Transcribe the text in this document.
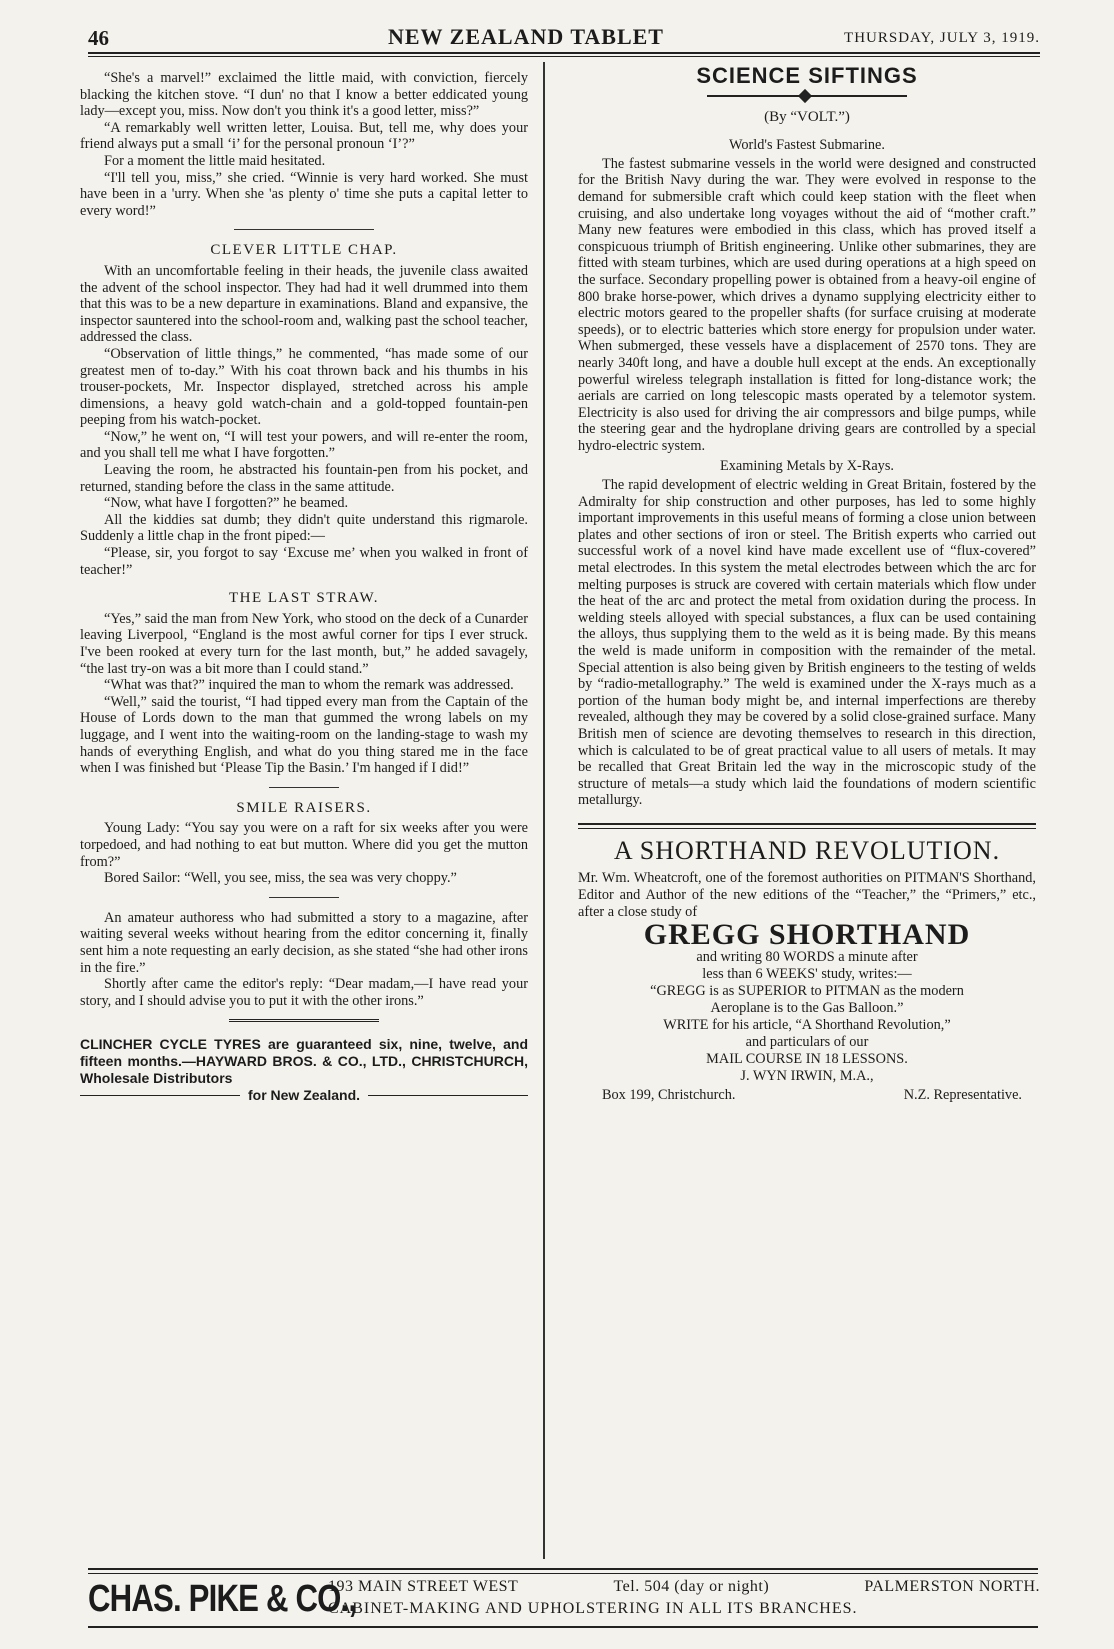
46	NEW ZEALAND TABLET	THURSDAY, JULY 3, 1919.

“She's a marvel!” exclaimed the little maid, with conviction, fiercely blacking the kitchen stove. “I dun' no that I know a better eddicated young lady—except you, miss. Now don't you think it's a good letter, miss?”

“A remarkably well written letter, Louisa. But, tell me, why does your friend always put a small ‘i’ for the personal pronoun ‘I’?”

For a moment the little maid hesitated.

“I'll tell you, miss,” she cried. “Winnie is very hard worked. She must have been in a 'urry. When she 'as plenty o' time she puts a capital letter to every word!”

CLEVER LITTLE CHAP.

With an uncomfortable feeling in their heads, the juvenile class awaited the advent of the school inspector. They had had it well drummed into them that this was to be a new departure in examinations. Bland and expansive, the inspector sauntered into the school-room and, walking past the school teacher, addressed the class.

“Observation of little things,” he commented, “has made some of our greatest men of to-day.” With his coat thrown back and his thumbs in his trouser-pockets, Mr. Inspector displayed, stretched across his ample dimensions, a heavy gold watch-chain and a gold-topped fountain-pen peeping from his watch-pocket.

“Now,” he went on, “I will test your powers, and will re-enter the room, and you shall tell me what I have forgotten.”

Leaving the room, he abstracted his fountain-pen from his pocket, and returned, standing before the class in the same attitude.

“Now, what have I forgotten?” he beamed.

All the kiddies sat dumb; they didn't quite understand this rigmarole. Suddenly a little chap in the front piped:—

“Please, sir, you forgot to say ‘Excuse me’ when you walked in front of teacher!”

THE LAST STRAW.

“Yes,” said the man from New York, who stood on the deck of a Cunarder leaving Liverpool, “England is the most awful corner for tips I ever struck. I've been rooked at every turn for the last month, but,” he added savagely, “the last try-on was a bit more than I could stand.”

“What was that?” inquired the man to whom the remark was addressed.

“Well,” said the tourist, “I had tipped every man from the Captain of the House of Lords down to the man that gummed the wrong labels on my luggage, and I went into the waiting-room on the landing-stage to wash my hands of everything English, and what do you thing stared me in the face when I was finished but ‘Please Tip the Basin.’ I'm hanged if I did!”

SMILE RAISERS.

Young Lady: “You say you were on a raft for six weeks after you were torpedoed, and had nothing to eat but mutton. Where did you get the mutton from?”

Bored Sailor: “Well, you see, miss, the sea was very choppy.”

An amateur authoress who had submitted a story to a magazine, after waiting several weeks without hearing from the editor concerning it, finally sent him a note requesting an early decision, as she stated “she had other irons in the fire.”

Shortly after came the editor's reply: “Dear madam,—I have read your story, and I should advise you to put it with the other irons.”

CLINCHER CYCLE TYRES are guaranteed six, nine, twelve, and fifteen months.—HAYWARD BROS. & CO., LTD., CHRISTCHURCH, Wholesale Distributors
for New Zealand.
SCIENCE SIFTINGS
(By “VOLT.”)
World's Fastest Submarine.

The fastest submarine vessels in the world were designed and constructed for the British Navy during the war. They were evolved in response to the demand for submersible craft which could keep station with the fleet when cruising, and also undertake long voyages without the aid of “mother craft.” Many new features were embodied in this class, which has proved itself a conspicuous triumph of British engineering. Unlike other submarines, they are fitted with steam turbines, which are used during operations at a high speed on the surface. Secondary propelling power is obtained from a heavy-oil engine of 800 brake horse-power, which drives a dynamo supplying electricity either to electric motors geared to the propeller shafts (for surface cruising at moderate speeds), or to electric batteries which store energy for propulsion under water. When submerged, these vessels have a displacement of 2570 tons. They are nearly 340ft long, and have a double hull except at the ends. An exceptionally powerful wireless telegraph installation is fitted for long-distance work; the aerials are carried on long telescopic masts operated by a telemotor system. Electricity is also used for driving the air compressors and bilge pumps, while the steering gear and the hydroplane driving gears are controlled by a special hydro-electric system.

Examining Metals by X-Rays.

The rapid development of electric welding in Great Britain, fostered by the Admiralty for ship construction and other purposes, has led to some highly important improvements in this useful means of forming a close union between plates and other sections of iron or steel. The British experts who carried out successful work of a novel kind have made excellent use of “flux-covered” metal electrodes. In this system the metal electrodes between which the arc for melting purposes is struck are covered with certain materials which flow under the heat of the arc and protect the metal from oxidation during the process. In welding steels alloyed with special substances, a flux can be used containing the alloys, thus supplying them to the weld as it is being made. By this means the weld is made uniform in composition with the remainder of the metal. Special attention is also being given by British engineers to the testing of welds by “radio-metallography.” The weld is examined under the X-rays much as a portion of the human body might be, and internal imperfections are thereby revealed, although they may be covered by a solid close-grained surface. Many British men of science are devoting themselves to research in this direction, which is calculated to be of great practical value to all users of metals. It may be recalled that Great Britain led the way in the microscopic study of the structure of metals—a study which laid the foundations of modern scientific metallurgy.

A SHORTHAND REVOLUTION.

Mr. Wm. Wheatcroft, one of the foremost authorities on PITMAN'S Shorthand, Editor and Author of the new editions of the “Teacher,” the “Primers,” etc., after a close study of

GREGG SHORTHAND
and writing 80 WORDS a minute after
less than 6 WEEKS' study, writes:—
“GREGG is as SUPERIOR to PITMAN as the modern
Aeroplane is to the Gas Balloon.”
WRITE for his article, “A Shorthand Revolution,”
and particulars of our
MAIL COURSE IN 18 LESSONS.
J. WYN IRWIN, M.A.,
Box 199, Christchurch.	N.Z. Representative.
CHAS. PIKE & CO.,
193 MAIN STREET WEST	Tel. 504 (day or night)	PALMERSTON NORTH.
CABINET-MAKING AND UPHOLSTERING IN ALL ITS BRANCHES.
